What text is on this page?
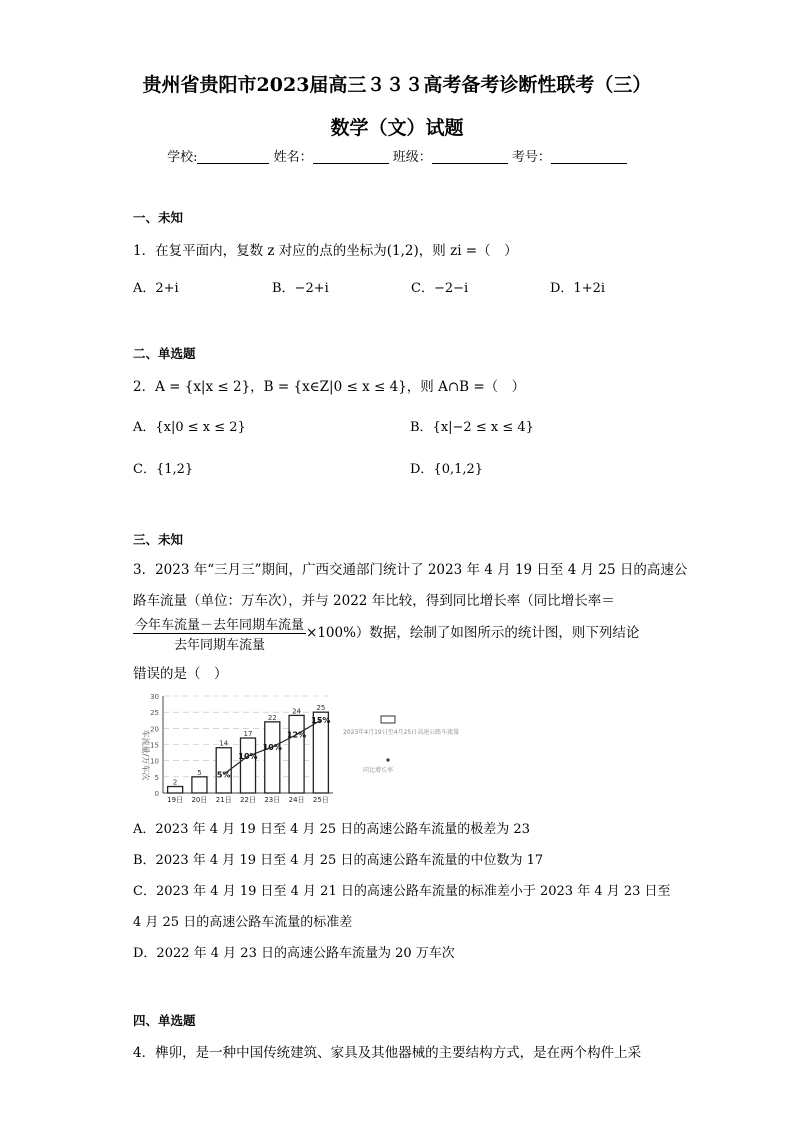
贵州省贵阳市2023届高三３３３高考备考诊断性联考（三）
数学（文）试题
学校:	姓名：	班级：	考号：
一、未知
1．在复平面内，复数 z 对应的点的坐标为(1,2)，则 zi =（　）
A．2+i	B．−2+i	C．−2−i	D．1+2i
二、单选题
2．A = {x|x ≤ 2}，B = {x∈Z|0 ≤ x ≤ 4}，则 A∩B =（　）
A．{x|0 ≤ x ≤ 2}	B．{x|−2 ≤ x ≤ 4}
C．{1,2}	D．{0,1,2}
三、未知
3．2023 年“三月三”期间，广西交通部门统计了 2023 年 4 月 19 日至 4 月 25 日的高速公
路车流量（单位：万车次），并与 2022 年比较，得到同比增长率（同比增长率＝
$\frac{\text{今年车流量－去年同期车流量}}{\text{去年同期车流量}} \times 100\%$）数据，绘制了如图所示的统计图，则下列结论
错误的是（　）
车流量/万车次
0
5
10
15
20
25
30
2
5
14
17
22
24 25
19日 20日 21日 22日 23日 24日 25日
5%
10%
10%
12%
15%
2023年4月19日至4月25日高速公路车流量
同比增长率
A．2023 年 4 月 19 日至 4 月 25 日的高速公路车流量的极差为 23
B．2023 年 4 月 19 日至 4 月 25 日的高速公路车流量的中位数为 17
C．2023 年 4 月 19 日至 4 月 21 日的高速公路车流量的标准差小于 2023 年 4 月 23 日至
4 月 25 日的高速公路车流量的标准差
D．2022 年 4 月 23 日的高速公路车流量为 20 万车次
四、单选题
4．榫卯，是一种中国传统建筑、家具及其他器械的主要结构方式，是在两个构件上采
